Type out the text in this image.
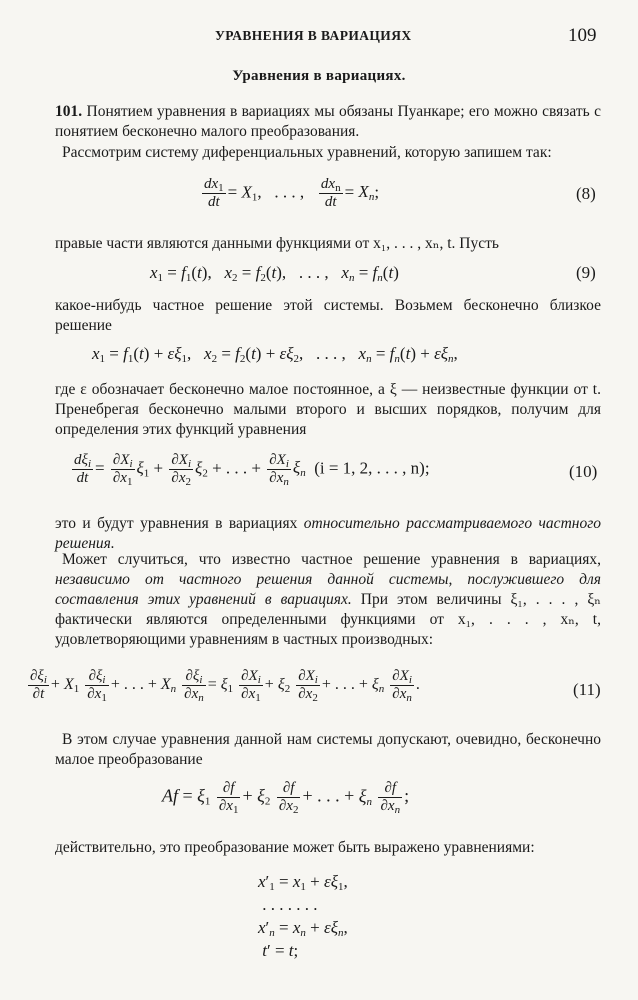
УРАВНЕНИЯ В ВАРИАЦИЯХ	109
Уравнения в вариациях.
101. Понятием уравнения в вариациях мы обязаны Пуанкаре; его можно связать с понятием бесконечно малого преобразования.
Рассмотрим систему диференциальных уравнений, которую запишем так:
$\frac{dx_1}{dt} = X_1$,   . . . , $\frac{dx_n}{dt} = X_n$;	(8)
правые части являются данными функциями от x₁, . . . , xₙ, t. Пусть
$x_1 = f_1(t)$,   $x_2 = f_2(t)$,   . . . ,   $x_n = f_n(t)$	(9)
какое-нибудь частное решение этой системы. Возьмем бесконечно близкое решение
$x_1 = f_1(t) + \varepsilon\xi_1$,   $x_2 = f_2(t) + \varepsilon\xi_2$,   . . . ,   $x_n = f_n(t) + \varepsilon\xi_n$,
где ε обозначает бесконечно малое постоянное, а ξ — неизвестные функции от t. Пренебрегая бесконечно малыми второго и высших порядков, получим для определения этих функций уравнения
$\frac{d\xi_i}{dt} = \frac{\partial X_i}{\partial x_1} \xi_1 + \frac{\partial X_i}{\partial x_2} \xi_2$ + . . . + $\frac{\partial X_i}{\partial x_n} \xi_n$ (i = 1, 2, . . . , n);	(10)
это и будут уравнения в вариациях относительно рассматриваемого частного решения.
Может случиться, что известно частное решение уравнения в вариациях, независимо от частного решения данной системы, послужившего для составления этих уравнений в вариациях. При этом величины ξ₁, . . . , ξₙ фактически являются определенными функциями от x₁, . . . , xₙ, t, удовлетворяющими уравнениям в частных производных:
$\frac{\partial\xi_i}{\partial t} + X_1 \frac{\partial\xi_i}{\partial x_1}$ + . . . + $X_n \frac{\partial\xi_i}{\partial x_n} = \xi_1 \frac{\partial X_i}{\partial x_1} + \xi_2 \frac{\partial X_i}{\partial x_2}$ + . . . + $\xi_n \frac{\partial X_i}{\partial x_n}$ .	(11)
В этом случае уравнения данной нам системы допускают, очевидно, бесконечно малое преобразование
$Af = \xi_1 \frac{\partial f}{\partial x_1} + \xi_2 \frac{\partial f}{\partial x_2}$ + . . . + $\xi_n \frac{\partial f}{\partial x_n}$ ;
действительно, это преобразование может быть выражено уравнениями:
$x'_1 = x_1 + \varepsilon\xi_1$,
. . . . . . .
$x'_n = x_n + \varepsilon\xi_n$,
t′ = t;
